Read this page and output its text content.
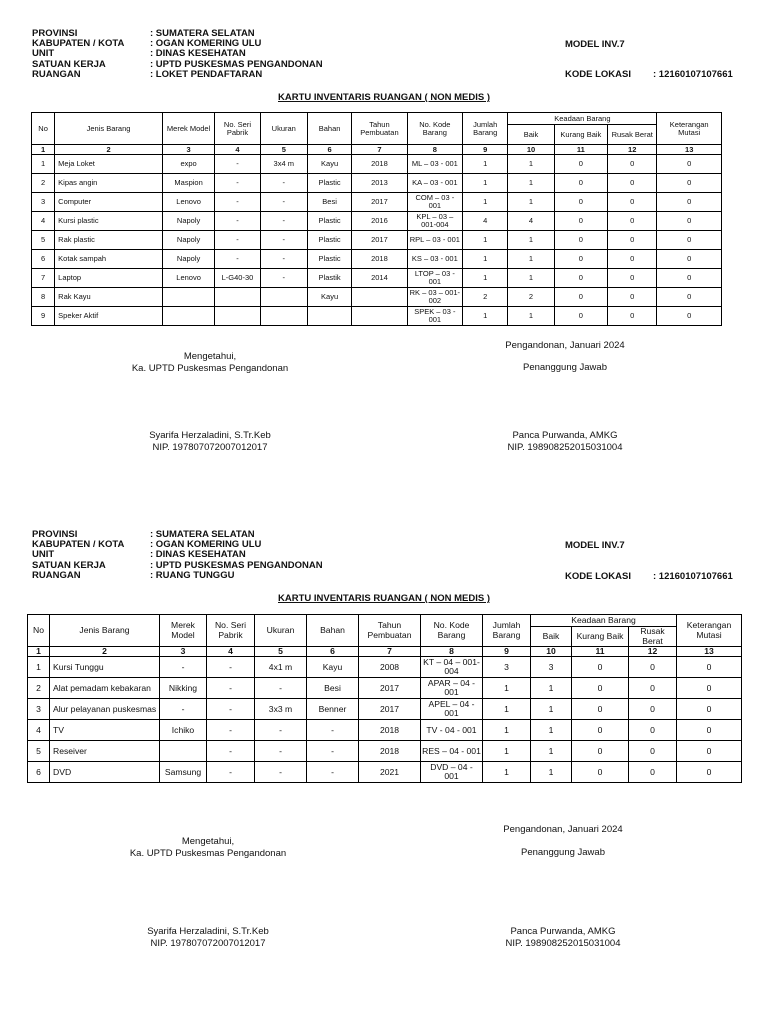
PROVINSI	: SUMATERA SELATAN
KABUPATEN / KOTA	: OGAN KOMERING ULU
UNIT	: DINAS KESEHATAN
SATUAN KERJA	: UPTD PUSKESMAS PENGANDONAN
RUANGAN	: LOKET PENDAFTARAN
MODEL INV.7
KODE LOKASI	: 12160107107661
KARTU INVENTARIS RUANGAN ( NON MEDIS )
No	Jenis Barang	Merek Model	No. Seri Pabrik	Ukuran	Bahan	Tahun Pembuatan	No. Kode Barang	Jumlah Barang	Keadaan Barang			Keterangan Mutasi
									Baik	Kurang Baik	Rusak Berat	
1	2	3	4	5	6	7	8	9	10	11	12	13
1	Meja Loket	expo	-	3x4 m	Kayu	2018	ML – 03 - 001	1	1	0	0	0
2	Kipas angin	Maspion	-	-	Plastic	2013	KA – 03 - 001	1	1	0	0	0
3	Computer	Lenovo	-	-	Besi	2017	COM – 03 - 001	1	1	0	0	0
4	Kursi plastic	Napoly	-	-	Plastic	2016	KPL – 03 – 001-004	4	4	0	0	0
5	Rak plastic	Napoly	-	-	Plastic	2017	RPL – 03 - 001	1	1	0	0	0
6	Kotak sampah	Napoly	-	-	Plastic	2018	KS – 03 - 001	1	1	0	0	0
7	Laptop	Lenovo	L-G40-30	-	Plastik	2014	LTOP – 03 - 001	1	1	0	0	0
8	Rak Kayu				Kayu		RK – 03 – 001-002	2	2	0	0	0
9	Speker Aktif						SPEK – 03 - 001	1	1	0	0	0
Pengandonan, Januari 2024
Mengetahui,
Ka. UPTD Puskesmas Pengandonan	Penanggung Jawab
Syarifa Herzaladini, S.Tr.Keb
NIP. 197807072007012017
Panca Purwanda, AMKG
NIP. 198908252015031004
PROVINSI	: SUMATERA SELATAN
KABUPATEN / KOTA	: OGAN KOMERING ULU
UNIT	: DINAS KESEHATAN
SATUAN KERJA	: UPTD PUSKESMAS PENGANDONAN
RUANGAN	: RUANG TUNGGU
MODEL INV.7
KODE LOKASI	: 12160107107661
KARTU INVENTARIS RUANGAN ( NON MEDIS )
No	Jenis Barang	Merek Model	No. Seri Pabrik	Ukuran	Bahan	Tahun Pembuatan	No. Kode Barang	Jumlah Barang	Keadaan Barang			Keterangan Mutasi
									Baik	Kurang Baik	Rusak Berat	
1	2	3	4	5	6	7	8	9	10	11	12	13
1	Kursi Tunggu	-	-	4x1 m	Kayu	2008	KT – 04 – 001-004	3	3	0	0	0
2	Alat pemadam kebakaran	Nikking	-	-	Besi	2017	APAR – 04 - 001	1	1	0	0	0
3	Alur pelayanan puskesmas	-	-	3x3 m	Benner	2017	APEL – 04 - 001	1	1	0	0	0
4	TV	Ichiko	-	-	-	2018	TV - 04 - 001	1	1	0	0	0
5	Reseiver		-	-	-	2018	RES – 04 - 001	1	1	0	0	0
6	DVD	Samsung	-	-	-	2021	DVD – 04 - 001	1	1	0	0	0
Pengandonan, Januari 2024
Mengetahui,
Ka. UPTD Puskesmas Pengandonan	Penanggung Jawab
Syarifa Herzaladini, S.Tr.Keb
NIP. 197807072007012017
Panca Purwanda, AMKG
NIP. 198908252015031004
